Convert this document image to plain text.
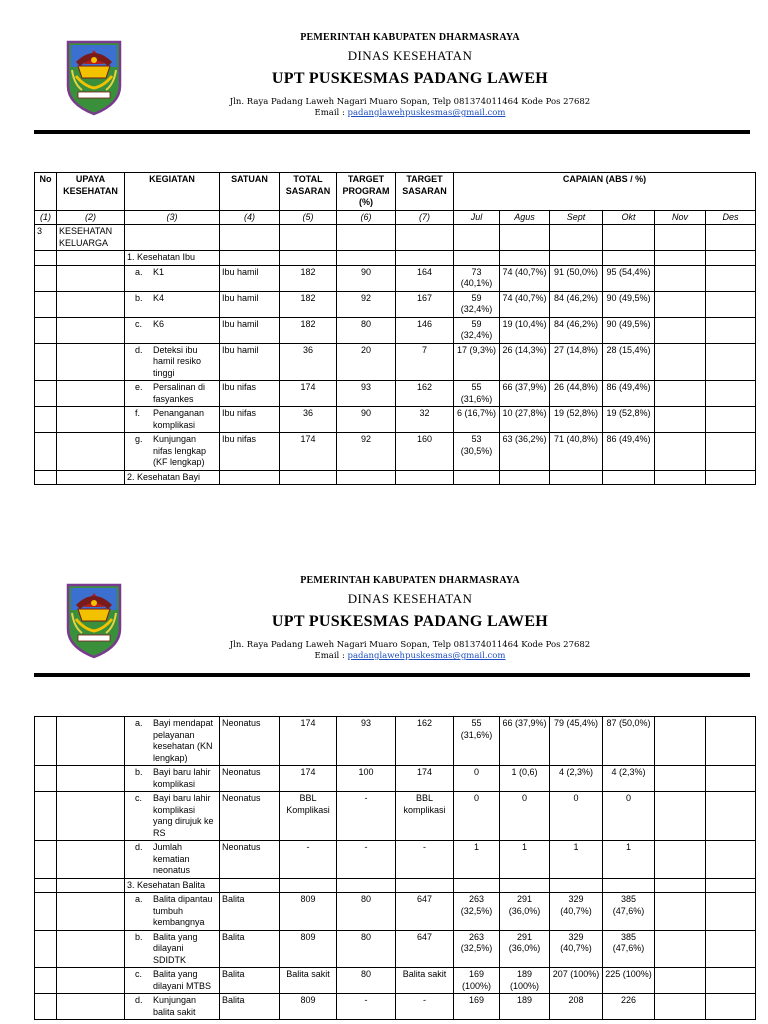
PEMERINTAH KABUPATEN DHARMASRAYA
DINAS KESEHATAN
UPT PUSKESMAS PADANG LAWEH
Jln. Raya Padang Laweh Nagari Muaro Sopan, Telp 081374011464 Kode Pos 27682
Email : padanglawehpuskesmas@gmail.com
No	UPAYA KESEHATAN	KEGIATAN	SATUAN	TOTAL SASARAN	TARGET PROGRAM (%)	TARGET SASARAN	CAPAIAN (ABS / %)					
(1)	(2)	(3)	(4)	(5)	(6)	(7)	Jul	Agus	Sept	Okt	Nov	Des
3	KESEHATAN KELUARGA											
		1. Kesehatan Ibu										

		a. K1	Ibu hamil	182	90	164	73 (40,1%)	74 (40,7%)	91 (50,0%)	95 (54,4%)		

		b. K4	Ibu hamil	182	92	167	59 (32,4%)	74 (40,7%)	84 (46,2%)	90 (49,5%)		

		c. K6	Ibu hamil	182	80	146	59 (32,4%)	19 (10,4%)	84 (46,2%)	90 (49,5%)		

		d. Deteksi ibu hamil resiko tinggi	Ibu hamil	36	20	7	17 (9,3%)	26 (14,3%)	27 (14,8%)	28 (15,4%)		

		e. Persalinan di fasyankes	Ibu nifas	174	93	162	55 (31,6%)	66 (37,9%)	26 (44,8%)	86 (49,4%)		

		f. Penanganan komplikasi	Ibu nifas	36	90	32	6 (16,7%)	10 (27,8%)	19 (52,8%)	19 (52,8%)		

		g. Kunjungan nifas lengkap (KF lengkap)	Ibu nifas	174	92	160	53 (30,5%)	63 (36,2%)	71 (40,8%)	86 (49,4%)		
		2. Kesehatan Bayi										
PEMERINTAH KABUPATEN DHARMASRAYA
DINAS KESEHATAN
UPT PUSKESMAS PADANG LAWEH
Jln. Raya Padang Laweh Nagari Muaro Sopan, Telp 081374011464 Kode Pos 27682
Email : padanglawehpuskesmas@gmail.com

		a. Bayi mendapat pelayanan kesehatan (KN lengkap)	Neonatus	174	93	162	55 (31,6%)	66 (37,9%)	79 (45,4%)	87 (50,0%)		

		b. Bayi baru lahir komplikasi	Neonatus	174	100	174	0	1 (0,6)	4 (2,3%)	4 (2,3%)		

		c. Bayi baru lahir komplikasi yang dirujuk ke RS	Neonatus	BBL Komplikasi	-	BBL komplikasi	0	0	0	0		

		d. Jumlah kematian neonatus	Neonatus	-	-	-	1	1	1	1		
		3. Kesehatan Balita										

		a. Balita dipantau tumbuh kembangnya	Balita	809	80	647	263 (32,5%)	291 (36,0%)	329 (40,7%)	385 (47,6%)		

		b. Balita yang dilayani SDIDTK	Balita	809	80	647	263 (32,5%)	291 (36,0%)	329 (40,7%)	385 (47,6%)		

		c. Balita yang dilayani MTBS	Balita	Balita sakit	80	Balita sakit	169 (100%)	189 (100%)	207 (100%)	225 (100%)		

		d. Kunjungan balita sakit	Balita	809	-	-	169	189	208	226		
